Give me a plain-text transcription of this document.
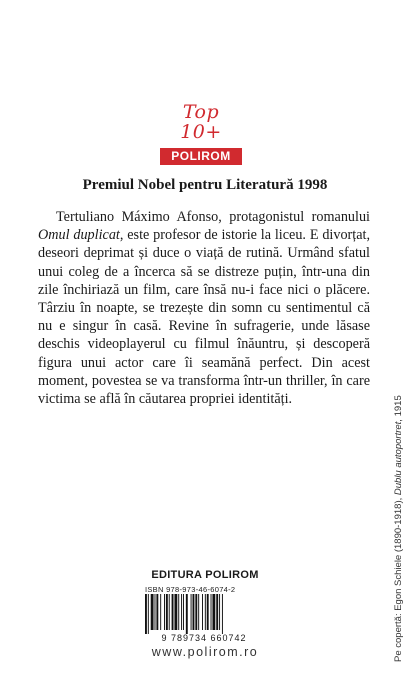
Top 10+
POLIROM
Premiul Nobel pentru Literatură 1998

Tertuliano Máximo Afonso, protagonistul romanului Omul duplicat, este profesor de istorie la liceu. E divorțat, deseori deprimat și duce o viață de rutină. Urmând sfatul unui coleg de a încerca să se distreze puțin, într-una din zile închiriază un film, care însă nu-i face nici o plăcere. Târziu în noapte, se trezește din somn cu sentimentul că nu e singur în casă. Revine în sufragerie, unde lăsase deschis videoplayerul cu filmul înăuntru, și descoperă figura unui actor care îi seamănă perfect. Din acest moment, povestea se va transforma într-un thriller, în care victima se află în căutarea propriei identități.

Pe copertă: Egon Schiele (1890-1918), Dublu autoportret, 1915
EDITURA POLIROM
ISBN 978-973-46-6074-2
9 789734 660742
www.polirom.ro
